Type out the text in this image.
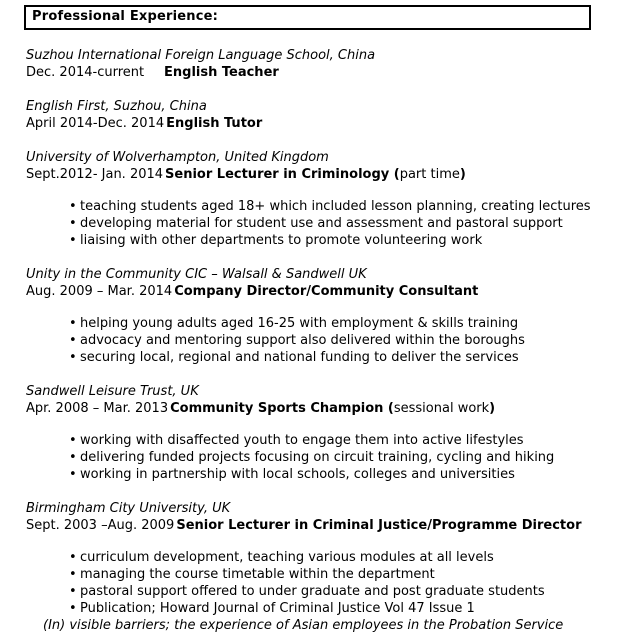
Professional Experience:
Suzhou International Foreign Language School, China
Dec. 2014-current English Teacher
English First, Suzhou, China
April 2014-Dec. 2014 English Tutor
University of Wolverhampton, United Kingdom
Sept.2012- Jan. 2014 Senior Lecturer in Criminology (part time)
• teaching students aged 18+ which included lesson planning, creating lectures
• developing material for student use and assessment and pastoral support
• liaising with other departments to promote volunteering work
Unity in the Community CIC – Walsall & Sandwell UK
Aug. 2009 – Mar. 2014 Company Director/Community Consultant
• helping young adults aged 16-25 with employment & skills training
• advocacy and mentoring support also delivered within the boroughs
• securing local, regional and national funding to deliver the services
Sandwell Leisure Trust, UK
Apr. 2008 – Mar. 2013 Community Sports Champion (sessional work)
• working with disaffected youth to engage them into active lifestyles
• delivering funded projects focusing on circuit training, cycling and hiking
• working in partnership with local schools, colleges and universities
Birmingham City University, UK
Sept. 2003 –Aug. 2009 Senior Lecturer in Criminal Justice/Programme Director
• curriculum development, teaching various modules at all levels
• managing the course timetable within the department
• pastoral support offered to under graduate and post graduate students
• Publication; Howard Journal of Criminal Justice Vol 47 Issue 1
(In) visible barriers; the experience of Asian employees in the Probation Service
